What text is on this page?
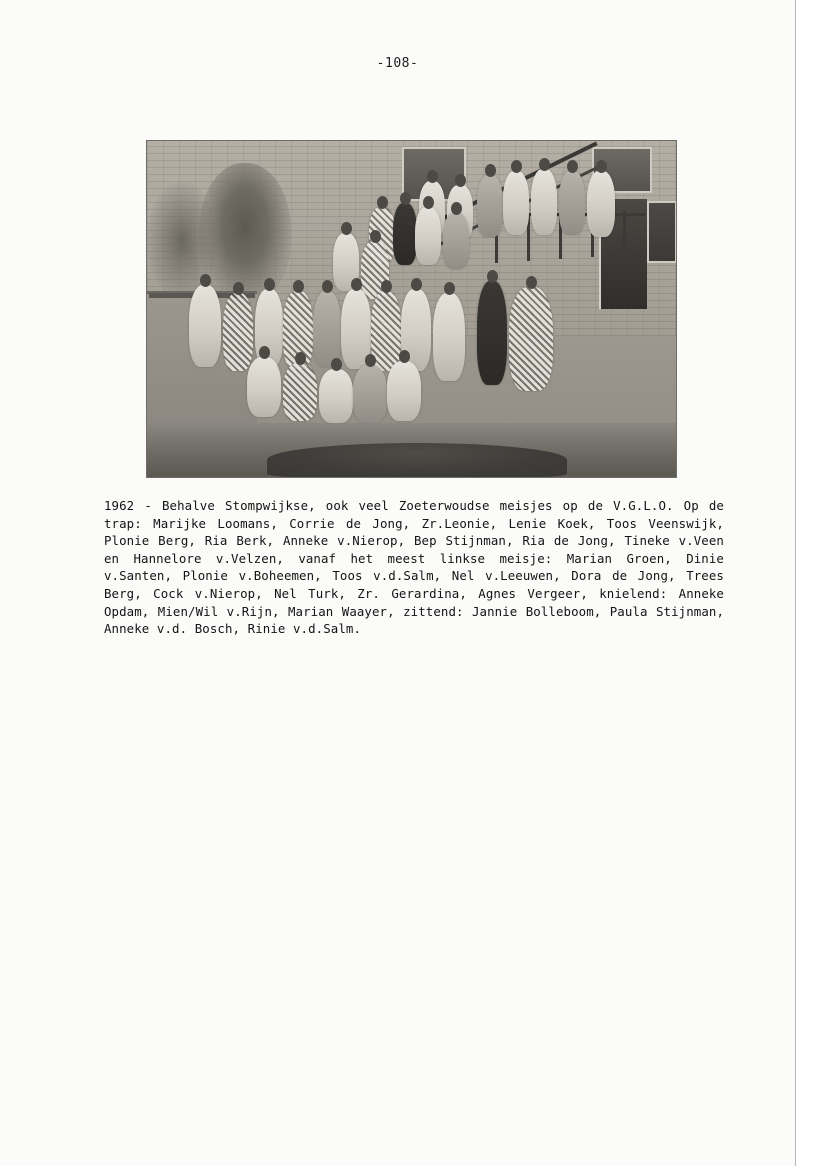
-108-

1962 - Behalve Stompwijkse, ook veel Zoeterwoudse meisjes op de V.G.L.O. Op de trap: Marijke Loomans, Corrie de Jong, Zr.Leonie, Lenie Koek, Toos Veenswijk, Plonie Berg, Ria Berk, Anneke v.Nierop, Bep Stijnman, Ria de Jong, Tineke v.Veen en Hannelore v.Velzen, vanaf het meest linkse meisje: Marian Groen, Dinie v.Santen, Plonie v.Boheemen, Toos v.d.Salm, Nel v.Leeuwen, Dora de Jong, Trees Berg, Cock v.Nierop, Nel Turk, Zr. Gerardina, Agnes Vergeer, knielend: Anneke Opdam, Mien/Wil v.Rijn, Marian Waayer, zittend: Jannie Bolleboom, Paula Stijnman, Anneke v.d. Bosch, Rinie v.d.Salm.
